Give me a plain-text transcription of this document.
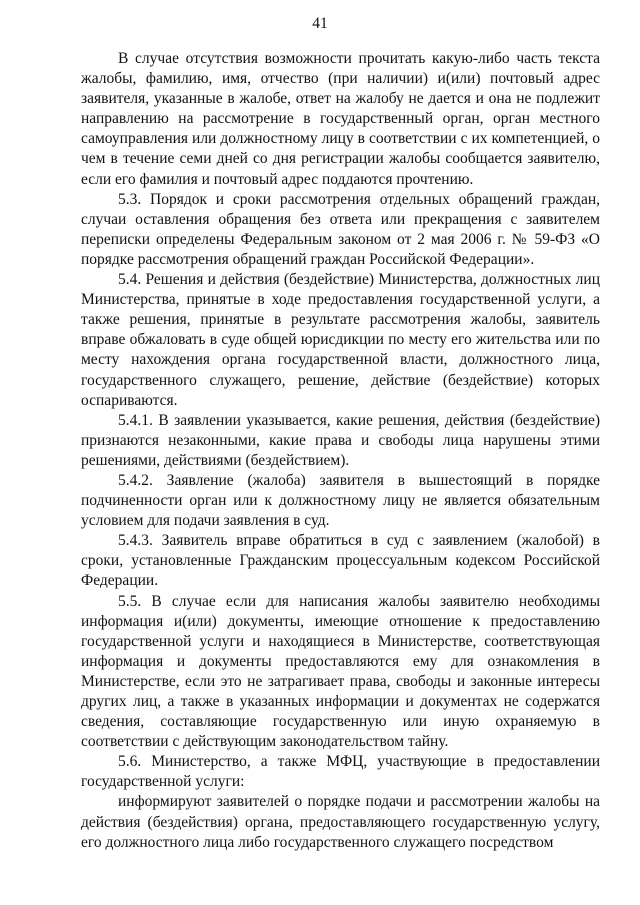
41

В случае отсутствия возможности прочитать какую-либо часть текста жалобы, фамилию, имя, отчество (при наличии) и(или) почтовый адрес заявителя, указанные в жалобе, ответ на жалобу не дается и она не подлежит направлению на рассмотрение в государственный орган, орган местного самоуправления или должностному лицу в соответствии с их компетенцией, о чем в течение семи дней со дня регистрации жалобы сообщается заявителю, если его фамилия и почтовый адрес поддаются прочтению.

5.3. Порядок и сроки рассмотрения отдельных обращений граждан, случаи оставления обращения без ответа или прекращения с заявителем переписки определены Федеральным законом от 2 мая 2006 г. № 59-ФЗ «О порядке рассмотрения обращений граждан Российской Федерации».

5.4. Решения и действия (бездействие) Министерства, должностных лиц Министерства, принятые в ходе предоставления государственной услуги, а также решения, принятые в результате рассмотрения жалобы, заявитель вправе обжаловать в суде общей юрисдикции по месту его жительства или по месту нахождения органа государственной власти, должностного лица, государственного служащего, решение, действие (бездействие) которых оспариваются.

5.4.1. В заявлении указывается, какие решения, действия (бездействие) признаются незаконными, какие права и свободы лица нарушены этими решениями, действиями (бездействием).

5.4.2. Заявление (жалоба) заявителя в вышестоящий в порядке подчиненности орган или к должностному лицу не является обязательным условием для подачи заявления в суд.

5.4.3. Заявитель вправе обратиться в суд с заявлением (жалобой) в сроки, установленные Гражданским процессуальным кодексом Российской Федерации.

5.5. В случае если для написания жалобы заявителю необходимы информация и(или) документы, имеющие отношение к предоставлению государственной услуги и находящиеся в Министерстве, соответствующая информация и документы предоставляются ему для ознакомления в Министерстве, если это не затрагивает права, свободы и законные интересы других лиц, а также в указанных информации и документах не содержатся сведения, составляющие государственную или иную охраняемую в соответствии с действующим законодательством тайну.

5.6. Министерство, а также МФЦ, участвующие в предоставлении государственной услуги:

информируют заявителей о порядке подачи и рассмотрении жалобы на действия (бездействия) органа, предоставляющего государственную услугу, его должностного лица либо государственного служащего посредством
